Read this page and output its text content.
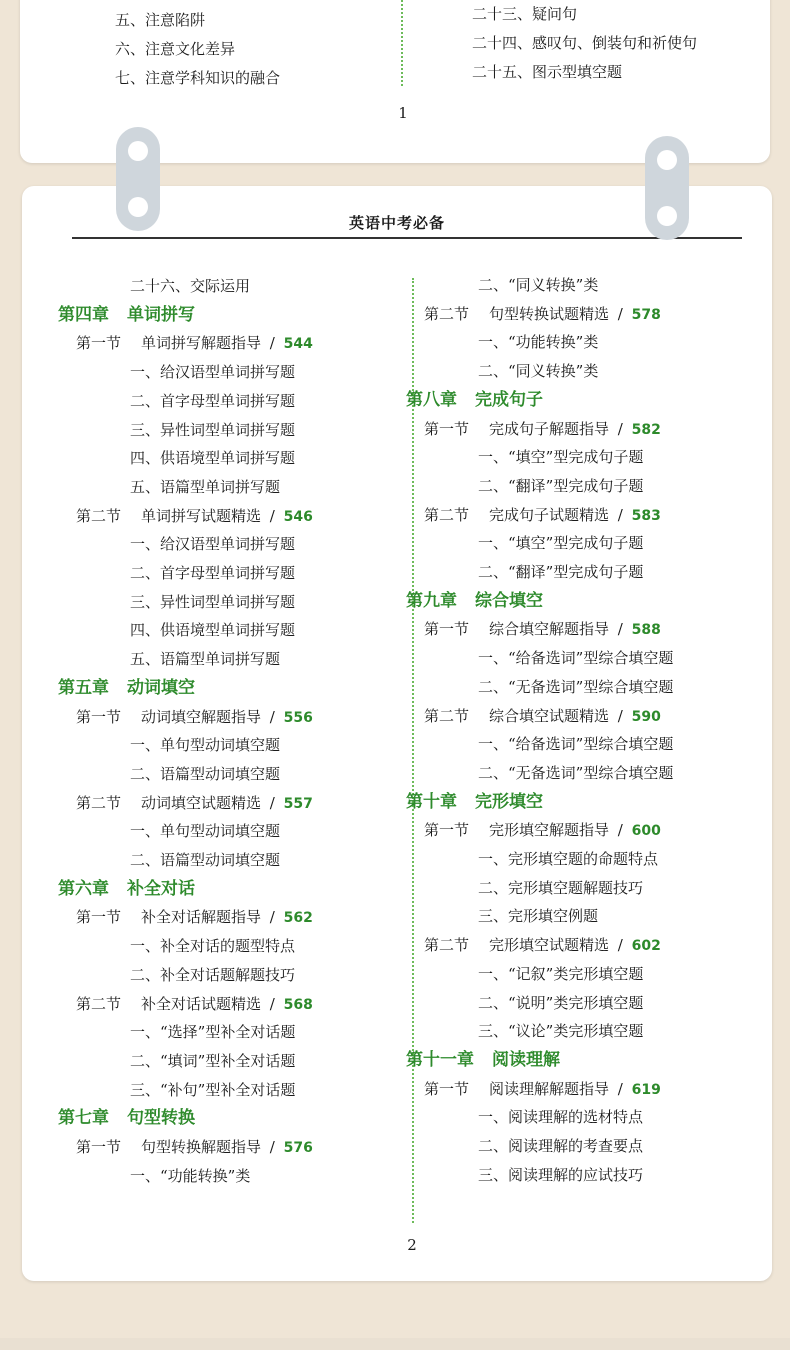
五、注意陷阱
六、注意文化差异
七、注意学科知识的融合
二十三、疑问句
二十四、感叹句、倒装句和祈使句
二十五、图示型填空题
1
英语中考必备
二十六、交际运用
第四章 单词拼写
第一节 单词拼写解题指导 / 544
一、给汉语型单词拼写题
二、首字母型单词拼写题
三、异性词型单词拼写题
四、供语境型单词拼写题
五、语篇型单词拼写题
第二节 单词拼写试题精选 / 546
一、给汉语型单词拼写题
二、首字母型单词拼写题
三、异性词型单词拼写题
四、供语境型单词拼写题
五、语篇型单词拼写题
第五章 动词填空
第一节 动词填空解题指导 / 556
一、单句型动词填空题
二、语篇型动词填空题
第二节 动词填空试题精选 / 557
一、单句型动词填空题
二、语篇型动词填空题
第六章 补全对话
第一节 补全对话解题指导 / 562
一、补全对话的题型特点
二、补全对话题解题技巧
第二节 补全对话试题精选 / 568
一、“选择”型补全对话题
二、“填词”型补全对话题
三、“补句”型补全对话题
第七章 句型转换
第一节 句型转换解题指导 / 576
一、“功能转换”类
二、“同义转换”类
第二节 句型转换试题精选 / 578
一、“功能转换”类
二、“同义转换”类
第八章 完成句子
第一节 完成句子解题指导 / 582
一、“填空”型完成句子题
二、“翻译”型完成句子题
第二节 完成句子试题精选 / 583
一、“填空”型完成句子题
二、“翻译”型完成句子题
第九章 综合填空
第一节 综合填空解题指导 / 588
一、“给备选词”型综合填空题
二、“无备选词”型综合填空题
第二节 综合填空试题精选 / 590
一、“给备选词”型综合填空题
二、“无备选词”型综合填空题
第十章 完形填空
第一节 完形填空解题指导 / 600
一、完形填空题的命题特点
二、完形填空题解题技巧
三、完形填空例题
第二节 完形填空试题精选 / 602
一、“记叙”类完形填空题
二、“说明”类完形填空题
三、“议论”类完形填空题
第十一章 阅读理解
第一节 阅读理解解题指导 / 619
一、阅读理解的选材特点
二、阅读理解的考查要点
三、阅读理解的应试技巧
2
